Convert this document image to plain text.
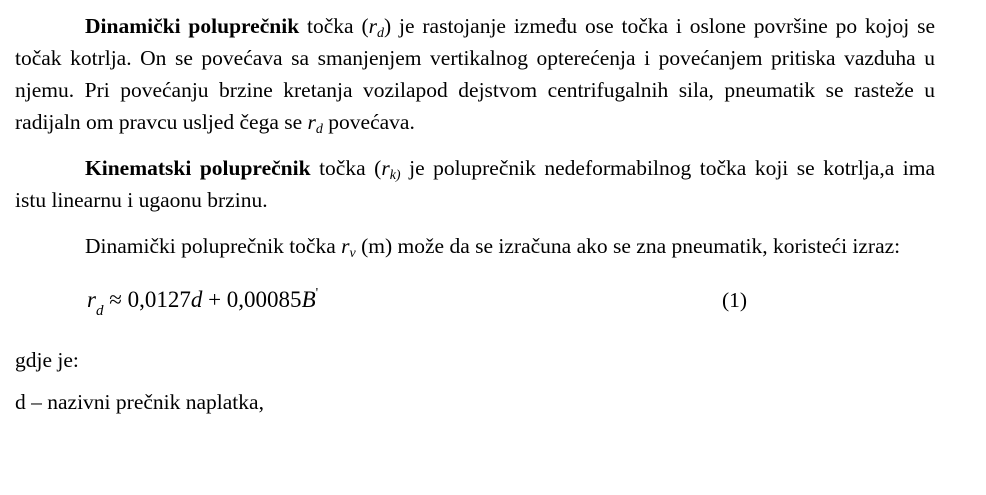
Dinamički poluprečnik točka $(r_d)$ je rastojanje između ose točka i oslone površine po kojoj se točak kotrlja. On se povećava sa smanjenjem vertikalnog opterećenja i povećanjem pritiska vazduha u njemu. Pri povećanju brzine kretanja vozilapod dejstvom centrifugalnih sila, pneumatik se rasteže u radijaln om pravcu usljed čega se $r_d$ povećava.

Kinematski poluprečnik točka ($r_{k)}$ je poluprečnik nedeformabilnog točka koji se kotrlja,a ima istu linearnu i ugaonu brzinu.

Dinamički poluprečnik točka $r_v$ (m) može da se izračuna ako se zna pneumatik, koristeći izraz:

$r_d \approx 0,0127d + 0,00085B'$	(1)

gdje je:

d – nazivni prečnik naplatka,
